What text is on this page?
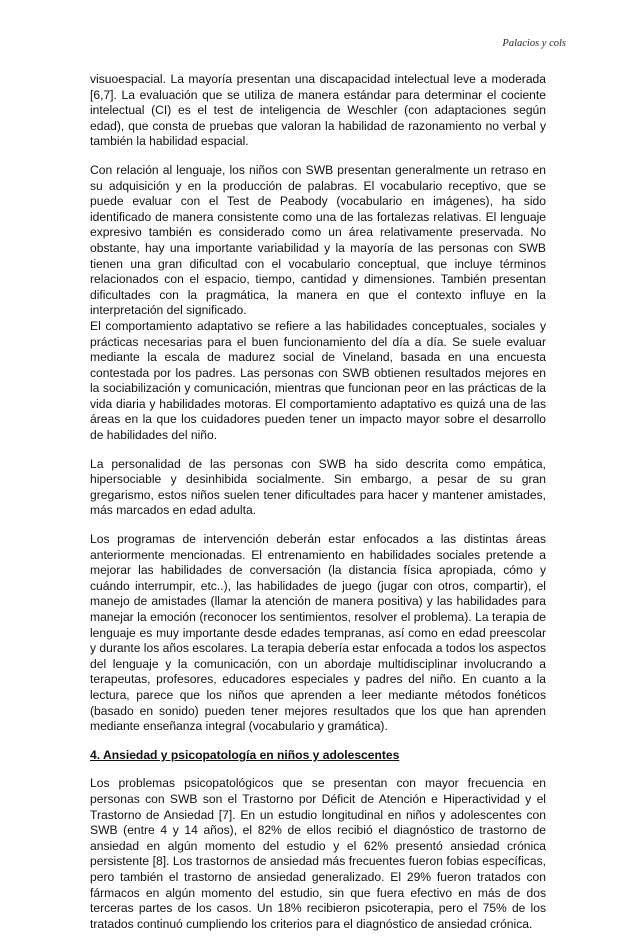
Palacios y cols

visuoespacial. La mayoría presentan una discapacidad intelectual leve a moderada [6,7]. La evaluación que se utiliza de manera estándar para determinar el cociente intelectual (CI) es el test de inteligencia de Weschler (con adaptaciones según edad), que consta de pruebas que valoran la habilidad de razonamiento no verbal y también la habilidad espacial.

Con relación al lenguaje, los niños con SWB presentan generalmente un retraso en su adquisición y en la producción de palabras. El vocabulario receptivo, que se puede evaluar con el Test de Peabody (vocabulario en imágenes), ha sido identificado de manera consistente como una de las fortalezas relativas. El lenguaje expresivo también es considerado como un área relativamente preservada. No obstante, hay una importante variabilidad y la mayoría de las personas con SWB tienen una gran dificultad con el vocabulario conceptual, que incluye términos relacionados con el espacio, tiempo, cantidad y dimensiones. También presentan dificultades con la pragmática, la manera en que el contexto influye en la interpretación del significado.

El comportamiento adaptativo se refiere a las habilidades conceptuales, sociales y prácticas necesarias para el buen funcionamiento del día a día. Se suele evaluar mediante la escala de madurez social de Vineland, basada en una encuesta contestada por los padres. Las personas con SWB obtienen resultados mejores en la sociabilización y comunicación, mientras que funcionan peor en las prácticas de la vida diaria y habilidades motoras. El comportamiento adaptativo es quizá una de las áreas en la que los cuidadores pueden tener un impacto mayor sobre el desarrollo de habilidades del niño.

La personalidad de las personas con SWB ha sido descrita como empática, hipersociable y desinhibida socialmente. Sin embargo, a pesar de su gran gregarismo, estos niños suelen tener dificultades para hacer y mantener amistades, más marcados en edad adulta.

Los programas de intervención deberán estar enfocados a las distintas áreas anteriormente mencionadas. El entrenamiento en habilidades sociales pretende a mejorar las habilidades de conversación (la distancia física apropiada, cómo y cuándo interrumpir, etc..), las habilidades de juego (jugar con otros, compartir), el manejo de amistades (llamar la atención de manera positiva) y las habilidades para manejar la emoción (reconocer los sentimientos, resolver el problema). La terapia de lenguaje es muy importante desde edades tempranas, así como en edad preescolar y durante los años escolares. La terapia debería estar enfocada a todos los aspectos del lenguaje y la comunicación, con un abordaje multidisciplinar involucrando a terapeutas, profesores, educadores especiales y padres del niño. En cuanto a la lectura, parece que los niños que aprenden a leer mediante métodos fonéticos (basado en sonido) pueden tener mejores resultados que los que han aprenden mediante enseñanza integral (vocabulario y gramática).

4. Ansiedad y psicopatología en niños y adolescentes

Los problemas psicopatológicos que se presentan con mayor frecuencia en personas con SWB son el Trastorno por Déficit de Atención e Hiperactividad y el Trastorno de Ansiedad [7]. En un estudio longitudinal en niños y adolescentes con SWB (entre 4 y 14 años), el 82% de ellos recibió el diagnóstico de trastorno de ansiedad en algún momento del estudio y el 62% presentó ansiedad crónica persistente [8]. Los trastornos de ansiedad más frecuentes fueron fobias específicas, pero también el trastorno de ansiedad generalizado. El 29% fueron tratados con fármacos en algún momento del estudio, sin que fuera efectivo en más de dos terceras partes de los casos. Un 18% recibieron psicoterapia, pero el 75% de los tratados continuó cumpliendo los criterios para el diagnóstico de ansiedad crónica.
